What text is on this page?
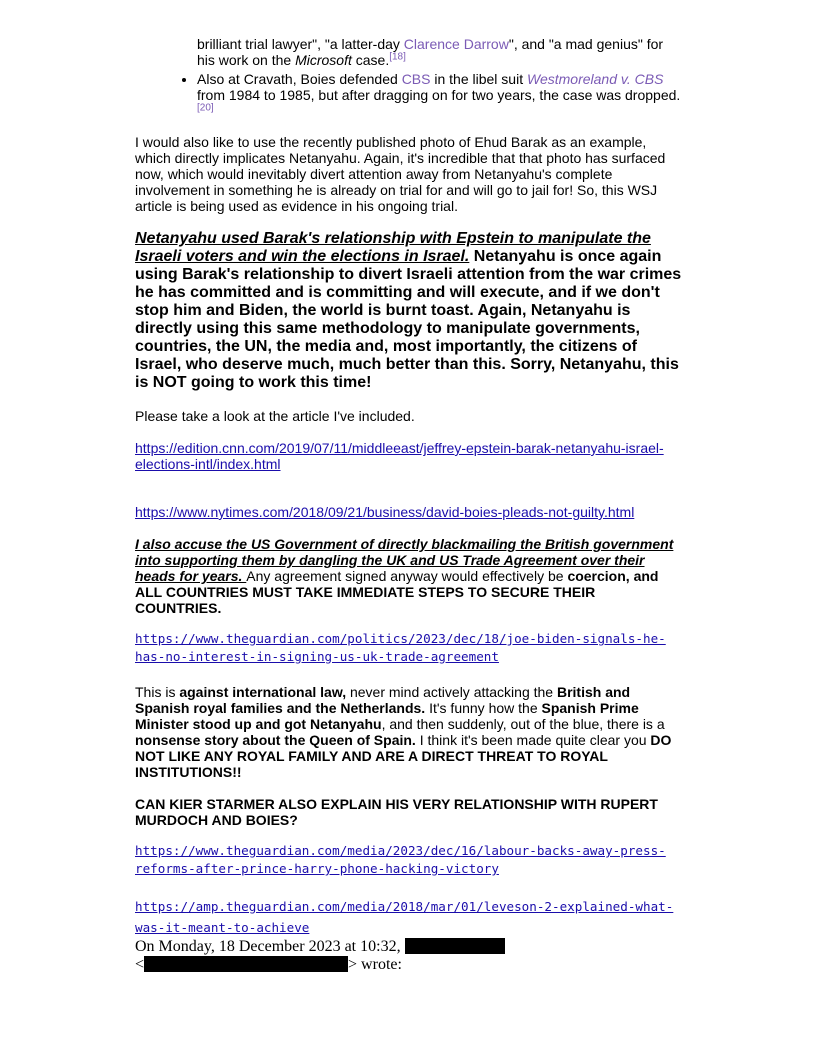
brilliant trial lawyer", "a latter-day Clarence Darrow", and "a mad genius" for his work on the Microsoft case.[18]
• Also at Cravath, Boies defended CBS in the libel suit Westmoreland v. CBS from 1984 to 1985, but after dragging on for two years, the case was dropped.[20]

I would also like to use the recently published photo of Ehud Barak as an example, which directly implicates Netanyahu. Again, it's incredible that that photo has surfaced now, which would inevitably divert attention away from Netanyahu's complete involvement in something he is already on trial for and will go to jail for! So, this WSJ article is being used as evidence in his ongoing trial.

Netanyahu used Barak's relationship with Epstein to manipulate the Israeli voters and win the elections in Israel. Netanyahu is once again using Barak's relationship to divert Israeli attention from the war crimes he has committed and is committing and will execute, and if we don't stop him and Biden, the world is burnt toast. Again, Netanyahu is directly using this same methodology to manipulate governments, countries, the UN, the media and, most importantly, the citizens of Israel, who deserve much, much better than this. Sorry, Netanyahu, this is NOT going to work this time!

Please take a look at the article I've included.

https://edition.cnn.com/2019/07/11/middleeast/jeffrey-epstein-barak-netanyahu-israel-elections-intl/index.html

https://www.nytimes.com/2018/09/21/business/david-boies-pleads-not-guilty.html

I also accuse the US Government of directly blackmailing the British government into supporting them by dangling the UK and US Trade Agreement over their heads for years. Any agreement signed anyway would effectively be coercion, and ALL COUNTRIES MUST TAKE IMMEDIATE STEPS TO SECURE THEIR COUNTRIES.

https://www.theguardian.com/politics/2023/dec/18/joe-biden-signals-he-has-no-interest-in-signing-us-uk-trade-agreement

This is against international law, never mind actively attacking the British and Spanish royal families and the Netherlands. It's funny how the Spanish Prime Minister stood up and got Netanyahu, and then suddenly, out of the blue, there is a nonsense story about the Queen of Spain. I think it's been made quite clear you DO NOT LIKE ANY ROYAL FAMILY AND ARE A DIRECT THREAT TO ROYAL INSTITUTIONS!!

CAN KIER STARMER ALSO EXPLAIN HIS VERY RELATIONSHIP WITH RUPERT MURDOCH AND BOIES?

https://www.theguardian.com/media/2023/dec/16/labour-backs-away-press-reforms-after-prince-harry-phone-hacking-victory

https://amp.theguardian.com/media/2018/mar/01/leveson-2-explained-what-was-it-meant-to-achieve

On Monday, 18 December 2023 at 10:32,
<	> wrote:
